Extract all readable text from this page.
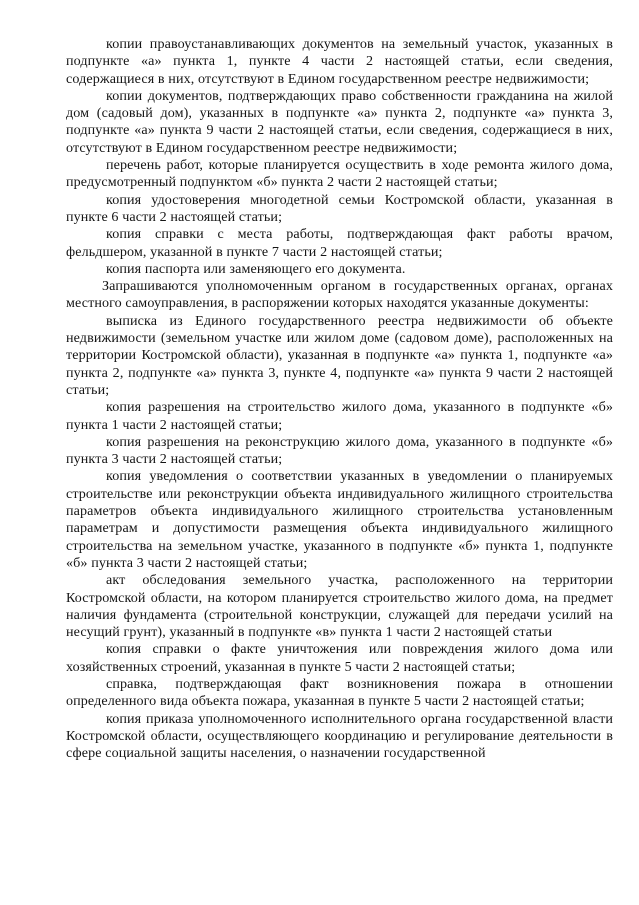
копии правоустанавливающих документов на земельный участок, указанных в подпункте «а» пункта 1, пункте 4 части 2 настоящей статьи, если сведения, содержащиеся в них, отсутствуют в Едином государственном реестре недвижимости;

копии документов, подтверждающих право собственности гражданина на жилой дом (садовый дом), указанных в подпункте «а» пункта 2, подпункте «а» пункта 3, подпункте «а» пункта 9 части 2 настоящей статьи, если сведения, содержащиеся в них, отсутствуют в Едином государственном реестре недвижимости;

перечень работ, которые планируется осуществить в ходе ремонта жилого дома, предусмотренный подпунктом «б» пункта 2 части 2 настоящей статьи;

копия удостоверения многодетной семьи Костромской области, указанная в пункте 6 части 2 настоящей статьи;

копия справки с места работы, подтверждающая факт работы врачом, фельдшером, указанной в пункте 7 части 2 настоящей статьи;

копия паспорта или заменяющего его документа.

Запрашиваются уполномоченным органом в государственных органах, органах местного самоуправления, в распоряжении которых находятся указанные документы:

выписка из Единого государственного реестра недвижимости об объекте недвижимости (земельном участке или жилом доме (садовом доме), расположенных на территории Костромской области), указанная в подпункте «а» пункта 1, подпункте «а» пункта 2, подпункте «а» пункта 3, пункте 4, подпункте «а» пункта 9 части 2 настоящей статьи;

копия разрешения на строительство жилого дома, указанного в подпункте «б» пункта 1 части 2 настоящей статьи;

копия разрешения на реконструкцию жилого дома, указанного в подпункте «б» пункта 3 части 2 настоящей статьи;

копия уведомления о соответствии указанных в уведомлении о планируемых строительстве или реконструкции объекта индивидуального жилищного строительства параметров объекта индивидуального жилищного строительства установленным параметрам и допустимости размещения объекта индивидуального жилищного строительства на земельном участке, указанного в подпункте «б» пункта 1, подпункте «б» пункта 3 части 2 настоящей статьи;

акт обследования земельного участка, расположенного на территории Костромской области, на котором планируется строительство жилого дома, на предмет наличия фундамента (строительной конструкции, служащей для передачи усилий на несущий грунт), указанный в подпункте «в» пункта 1 части 2 настоящей статьи

копия справки о факте уничтожения или повреждения жилого дома или хозяйственных строений, указанная в пункте 5 части 2 настоящей статьи;

справка, подтверждающая факт возникновения пожара в отношении определенного вида объекта пожара, указанная в пункте 5 части 2 настоящей статьи;

копия приказа уполномоченного исполнительного органа государственной власти Костромской области, осуществляющего координацию и регулирование деятельности в сфере социальной защиты населения, о назначении государственной
